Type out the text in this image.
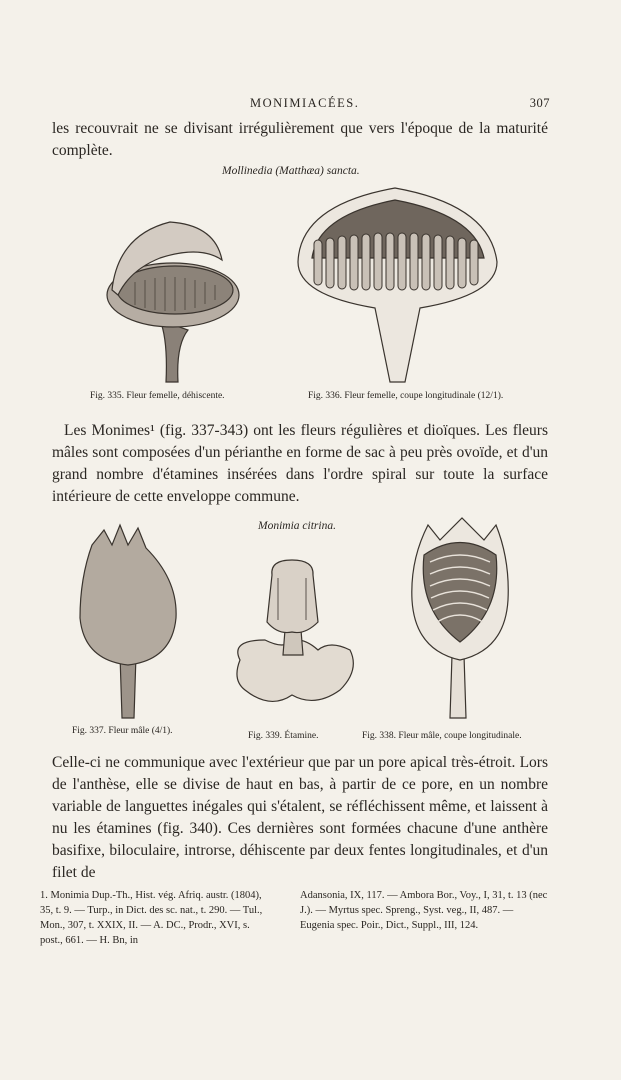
MONIMIACÉES.	307
les recouvrait ne se divisant irrégulièrement que vers l'époque de la maturité complète.
Mollinedia (Matthæa) sancta.
Fig. 335. Fleur femelle, déhiscente.	Fig. 336. Fleur femelle, coupe longitudinale (12/1).
Les Monimes¹ (fig. 337-343) ont les fleurs régulières et dioïques. Les fleurs mâles sont composées d'un périanthe en forme de sac à peu près ovoïde, et d'un grand nombre d'étamines insérées dans l'ordre spiral sur toute la surface intérieure de cette enveloppe commune.
Monimia citrina.
Fig. 337. Fleur mâle (4/1).	Fig. 339. Étamine.	Fig. 338. Fleur mâle, coupe longitudinale.
Celle-ci ne communique avec l'extérieur que par un pore apical très-étroit. Lors de l'anthèse, elle se divise de haut en bas, à partir de ce pore, en un nombre variable de languettes inégales qui s'étalent, se réfléchissent même, et laissent à nu les étamines (fig. 340). Ces dernières sont formées chacune d'une anthère basifixe, biloculaire, introrse, déhiscente par deux fentes longitudinales, et d'un filet de
1. Monimia Dup.-Th., Hist. vég. Afriq. austr. (1804), 35, t. 9. — Turp., in Dict. des sc. nat., t. 290. — Tul., Mon., 307, t. XXIX, II. — A. DC., Prodr., XVI, s. post., 661. — H. Bn, in
Adansonia, IX, 117. — Ambora Bor., Voy., I, 31, t. 13 (nec J.). — Myrtus spec. Spreng., Syst. veg., II, 487. — Eugenia spec. Poir., Dict., Suppl., III, 124.
